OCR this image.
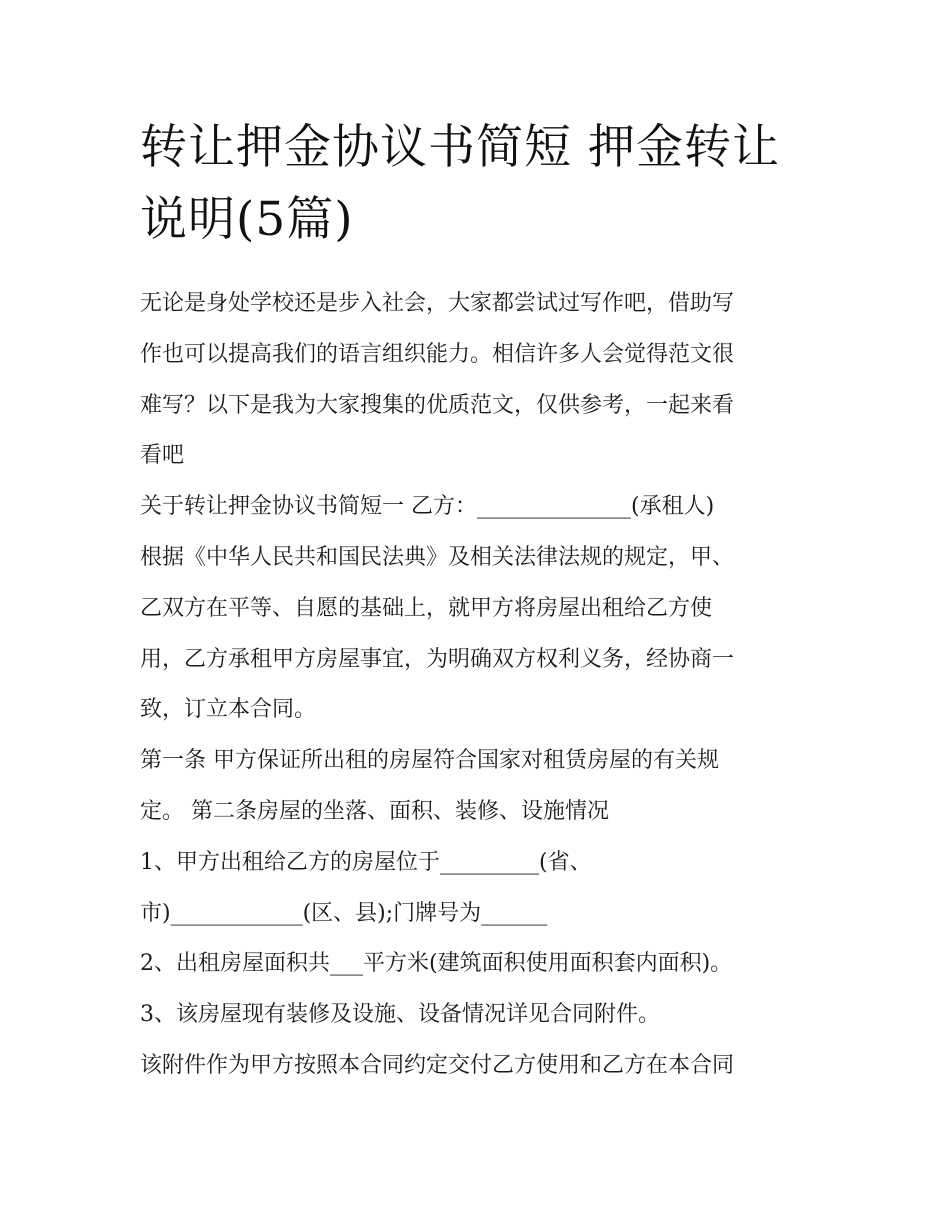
转让押金协议书简短 押金转让
说明(5篇)
无论是身处学校还是步入社会，大家都尝试过写作吧，借助写
作也可以提高我们的语言组织能力。相信许多人会觉得范文很
难写？以下是我为大家搜集的优质范文，仅供参考，一起来看
看吧
关于转让押金协议书简短一 乙方：______________(承租人)
根据《中华人民共和国民法典》及相关法律法规的规定，甲、
乙双方在平等、自愿的基础上，就甲方将房屋出租给乙方使
用，乙方承租甲方房屋事宜，为明确双方权利义务，经协商一
致，订立本合同。
第一条 甲方保证所出租的房屋符合国家对租赁房屋的有关规
定。 第二条房屋的坐落、面积、装修、设施情况
1、甲方出租给乙方的房屋位于_________(省、
市)____________(区、县);门牌号为______
2、出租房屋面积共___平方米(建筑面积使用面积套内面积)。
3、该房屋现有装修及设施、设备情况详见合同附件。
该附件作为甲方按照本合同约定交付乙方使用和乙方在本合同
